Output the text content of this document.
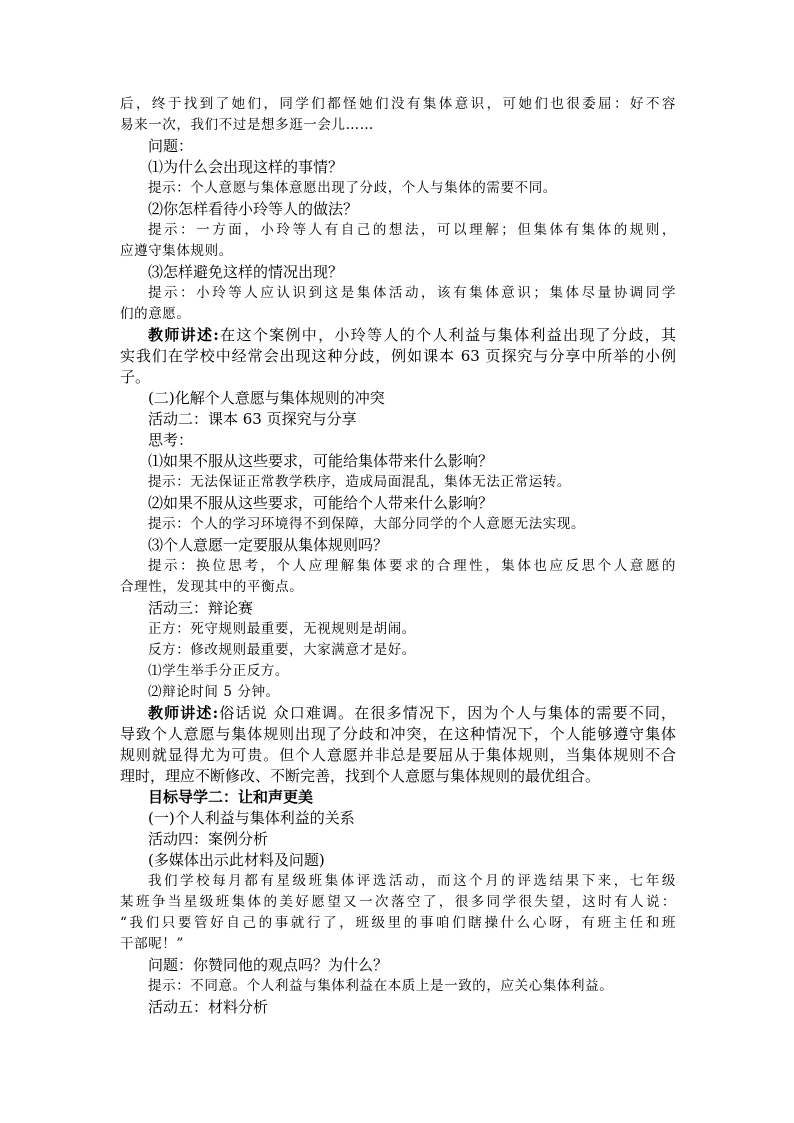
后，终于找到了她们，同学们都怪她们没有集体意识，可她们也很委屈：好不容

易来一次，我们不过是想多逛一会儿……

问题：

⑴为什么会出现这样的事情？

提示：个人意愿与集体意愿出现了分歧，个人与集体的需要不同。

⑵你怎样看待小玲等人的做法？

提示：一方面，小玲等人有自己的想法，可以理解；但集体有集体的规则，

应遵守集体规则。

⑶怎样避免这样的情况出现？

提示：小玲等人应认识到这是集体活动，该有集体意识；集体尽量协调同学

们的意愿。

教师讲述:在这个案例中，小玲等人的个人利益与集体利益出现了分歧，其

实我们在学校中经常会出现这种分歧，例如课本 63 页探究与分享中所举的小例

子。

(二)化解个人意愿与集体规则的冲突

活动二：课本 63 页探究与分享

思考：

⑴如果不服从这些要求，可能给集体带来什么影响？

提示：无法保证正常教学秩序，造成局面混乱，集体无法正常运转。

⑵如果不服从这些要求，可能给个人带来什么影响？

提示：个人的学习环境得不到保障，大部分同学的个人意愿无法实现。

⑶个人意愿一定要服从集体规则吗？

提示：换位思考，个人应理解集体要求的合理性，集体也应反思个人意愿的

合理性，发现其中的平衡点。

活动三：辩论赛

正方：死守规则最重要，无视规则是胡闹。

反方：修改规则最重要，大家满意才是好。

⑴学生举手分正反方。

⑵辩论时间 5 分钟。

教师讲述:俗话说 众口难调。在很多情况下，因为个人与集体的需要不同，

导致个人意愿与集体规则出现了分歧和冲突，在这种情况下，个人能够遵守集体

规则就显得尤为可贵。但个人意愿并非总是要屈从于集体规则，当集体规则不合

理时，理应不断修改、不断完善，找到个人意愿与集体规则的最优组合。

目标导学二：让和声更美

(一)个人利益与集体利益的关系

活动四：案例分析

(多媒体出示此材料及问题)

我们学校每月都有星级班集体评选活动，而这个月的评选结果下来，七年级

某班争当星级班集体的美好愿望又一次落空了，很多同学很失望，这时有人说：

“我们只要管好自己的事就行了，班级里的事咱们瞎操什么心呀，有班主任和班

干部呢！”

问题：你赞同他的观点吗？为什么？

提示：不同意。个人利益与集体利益在本质上是一致的，应关心集体利益。

活动五：材料分析
